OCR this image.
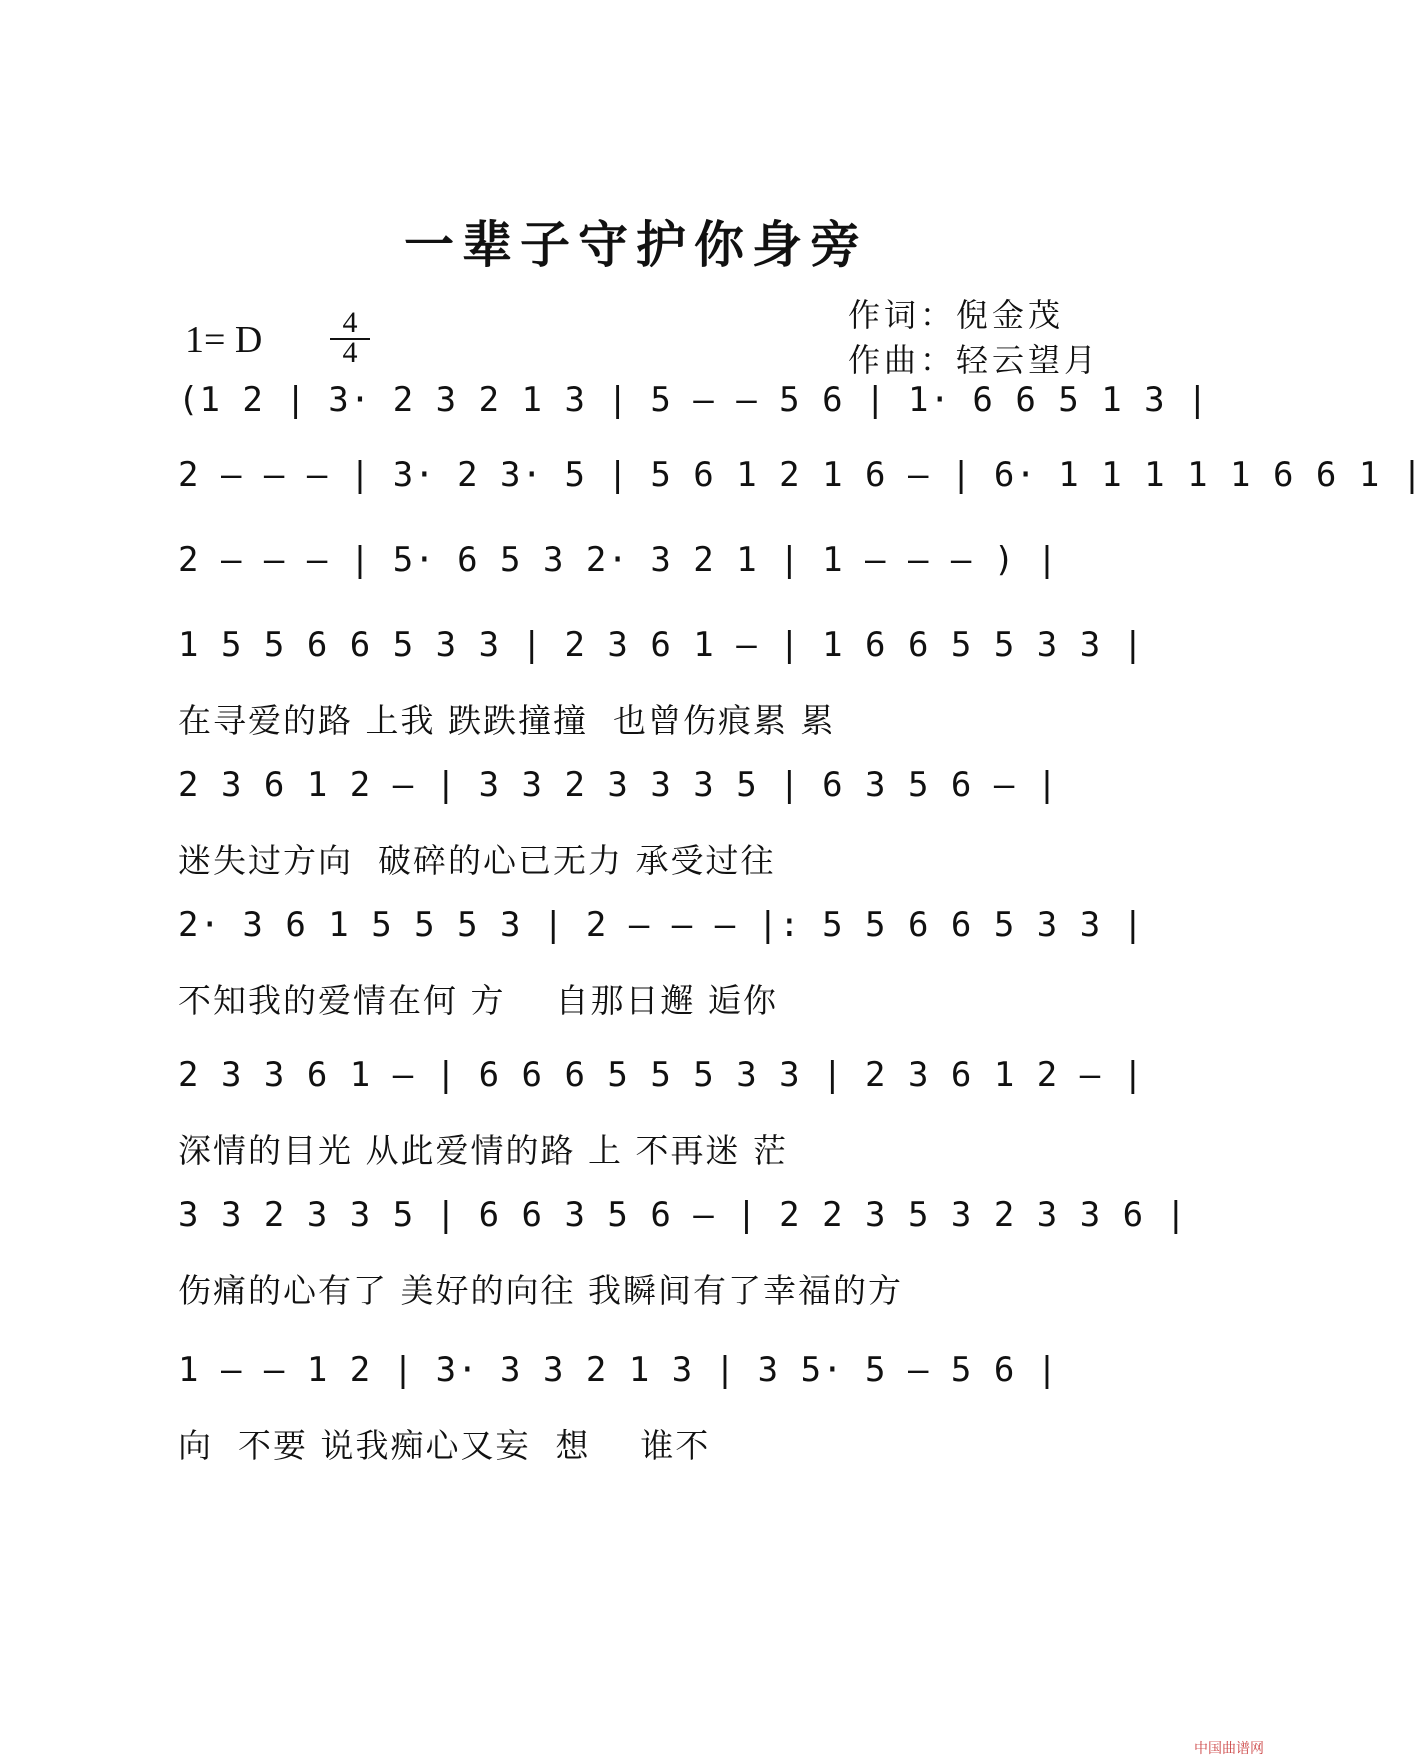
一辈子守护你身旁
1= D	4
4
作词：倪金茂
作曲：轻云望月
(1 2 | 3· 2 3 2 1 3 | 5 — — 5 6 | 1· 6 6 5 1 3 |
2 — — — | 3· 2 3· 5 | 5 6 1 2 1 6 — | 6· 1 1 1 1 1 6 6 1 |
2 — — — | 5· 6 5 3 2· 3 2 1 | 1 — — — ) |
1 5 5 6 6 5 3 3 | 2 3 6 1 — | 1 6 6 5 5 3 3 |
在寻爱的路 上我 跌跌撞撞  也曾伤痕累 累
2 3 6 1 2 — | 3 3 2 3 3 3 5 | 6 3 5 6 — |
迷失过方向  破碎的心已无力 承受过往
2· 3 6 1 5 5 5 3 | 2 — — — |: 5 5 6 6 5 3 3 |
不知我的爱情在何 方    自那日邂 逅你
2 3 3 6 1 — | 6 6 6 5 5 5 3 3 | 2 3 6 1 2 — |
深情的目光 从此爱情的路 上 不再迷 茫
3 3 2 3 3 5 | 6 6 3 5 6 — | 2 2 3 5 3 2 3 3 6 |
伤痛的心有了 美好的向往 我瞬间有了幸福的方
1 — — 1 2 | 3· 3 3 2 1 3 | 3 5· 5 — 5 6 |
向  不要 说我痴心又妄  想    谁不
中国曲谱网
